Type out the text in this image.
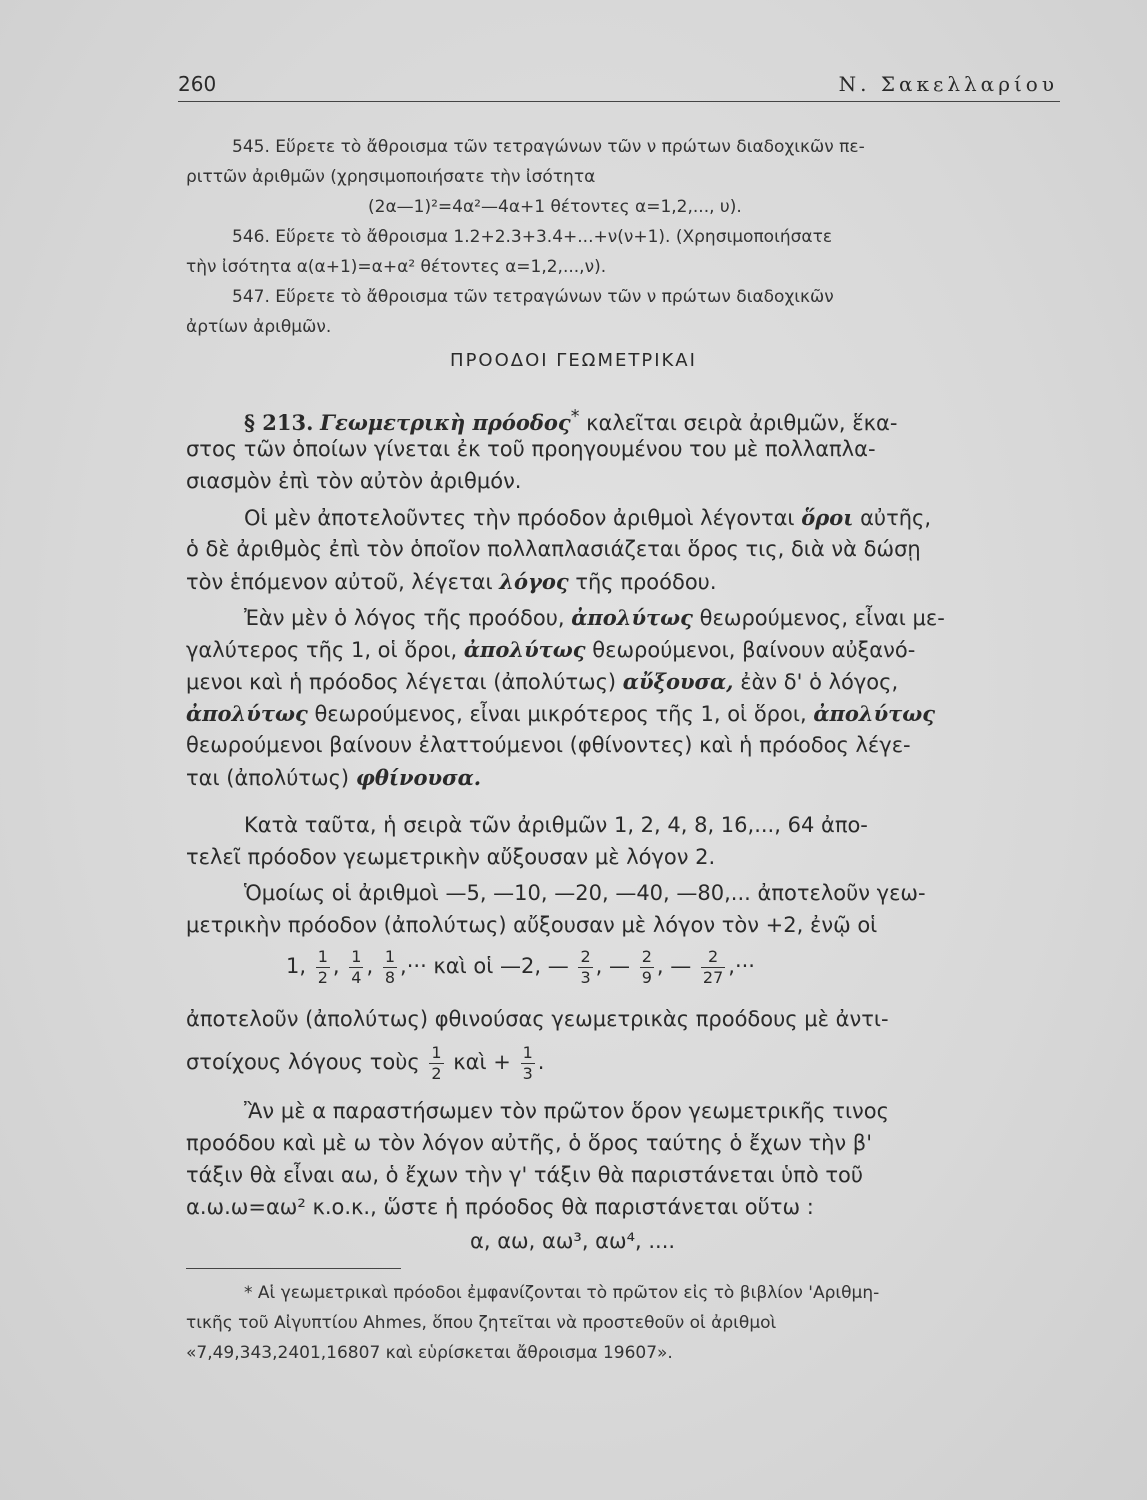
260	Ν. Σακελλαρίου
545. Εὕρετε τὸ ἄθροισμα τῶν τετραγώνων τῶν ν πρώτων διαδοχικῶν πε-
ριττῶν ἀριθμῶν (χρησιμοποιήσατε τὴν ἰσότητα
(2α—1)²=4α²—4α+1 θέτοντες α=1,2,..., υ).
546. Εὕρετε τὸ ἄθροισμα 1.2+2.3+3.4+...+ν(ν+1). (Χρησιμοποιήσατε
τὴν ἰσότητα α(α+1)=α+α² θέτοντες α=1,2,...,ν).
547. Εὕρετε τὸ ἄθροισμα τῶν τετραγώνων τῶν ν πρώτων διαδοχικῶν
ἀρτίων ἀριθμῶν.
ΠΡΟΟΔΟΙ ΓΕΩΜΕΤΡΙΚΑΙ
§ 213. Γεωμετρικὴ πρόοδος* καλεῖται σειρὰ ἀριθμῶν, ἕκα-
στος τῶν ὁποίων γίνεται ἐκ τοῦ προηγουμένου του μὲ πολλαπλα-
σιασμὸν ἐπὶ τὸν αὐτὸν ἀριθμόν.
Οἱ μὲν ἀποτελοῦντες τὴν πρόοδον ἀριθμοὶ λέγονται ὅροι αὐτῆς,
ὁ δὲ ἀριθμὸς ἐπὶ τὸν ὁποῖον πολλαπλασιάζεται ὅρος τις, διὰ νὰ δώσῃ
τὸν ἑπόμενον αὐτοῦ, λέγεται λόγος τῆς προόδου.
Ἐὰν μὲν ὁ λόγος τῆς προόδου, ἀπολύτως θεωρούμενος, εἶναι με-
γαλύτερος τῆς 1, οἱ ὅροι, ἀπολύτως θεωρούμενοι, βαίνουν αὐξανό-
μενοι καὶ ἡ πρόοδος λέγεται (ἀπολύτως) αὔξουσα, ἐὰν δ' ὁ λόγος,
ἀπολύτως θεωρούμενος, εἶναι μικρότερος τῆς 1, οἱ ὅροι, ἀπολύτως
θεωρούμενοι βαίνουν ἐλαττούμενοι (φθίνοντες) καὶ ἡ πρόοδος λέγε-
ται (ἀπολύτως) φθίνουσα.
Κατὰ ταῦτα, ἡ σειρὰ τῶν ἀριθμῶν 1, 2, 4, 8, 16,..., 64 ἀπο-
τελεῖ πρόοδον γεωμετρικὴν αὔξουσαν μὲ λόγον 2.
Ὁμοίως οἱ ἀριθμοὶ —5, —10, —20, —40, —80,... ἀποτελοῦν γεω-
μετρικὴν πρόοδον (ἀπολύτως) αὔξουσαν μὲ λόγον τὸν +2, ἐνῷ οἱ
1, $\frac{1}{2}$ , $\frac{1}{4}$ , $\frac{1}{8}$ ,··· καὶ οἱ —2, — $\frac{2}{3}$ , — $\frac{2}{9}$ , — $\frac{2}{27}$ ,···
ἀποτελοῦν (ἀπολύτως) φθινούσας γεωμετρικὰς προόδους μὲ ἀντι-
στοίχους λόγους τοὺς $\frac{1}{2}$ καὶ + $\frac{1}{3}$ .
Ἂν μὲ α παραστήσωμεν τὸν πρῶτον ὅρον γεωμετρικῆς τινος
προόδου καὶ μὲ ω τὸν λόγον αὐτῆς, ὁ ὅρος ταύτης ὁ ἔχων τὴν β'
τάξιν θὰ εἶναι αω, ὁ ἔχων τὴν γ' τάξιν θὰ παριστάνεται ὑπὸ τοῦ
α.ω.ω=αω² κ.ο.κ., ὥστε ἡ πρόοδος θὰ παριστάνεται οὕτω :
α, αω, αω³, αω⁴, ....
* Αἱ γεωμετρικαὶ πρόοδοι ἐμφανίζονται τὸ πρῶτον εἰς τὸ βιβλίον 'Αριθμη-
τικῆς τοῦ Αἰγυπτίου Ahmes, ὅπου ζητεῖται νὰ προστεθοῦν οἱ ἀριθμοὶ
«7,49,343,2401,16807 καὶ εὑρίσκεται ἄθροισμα 19607».
